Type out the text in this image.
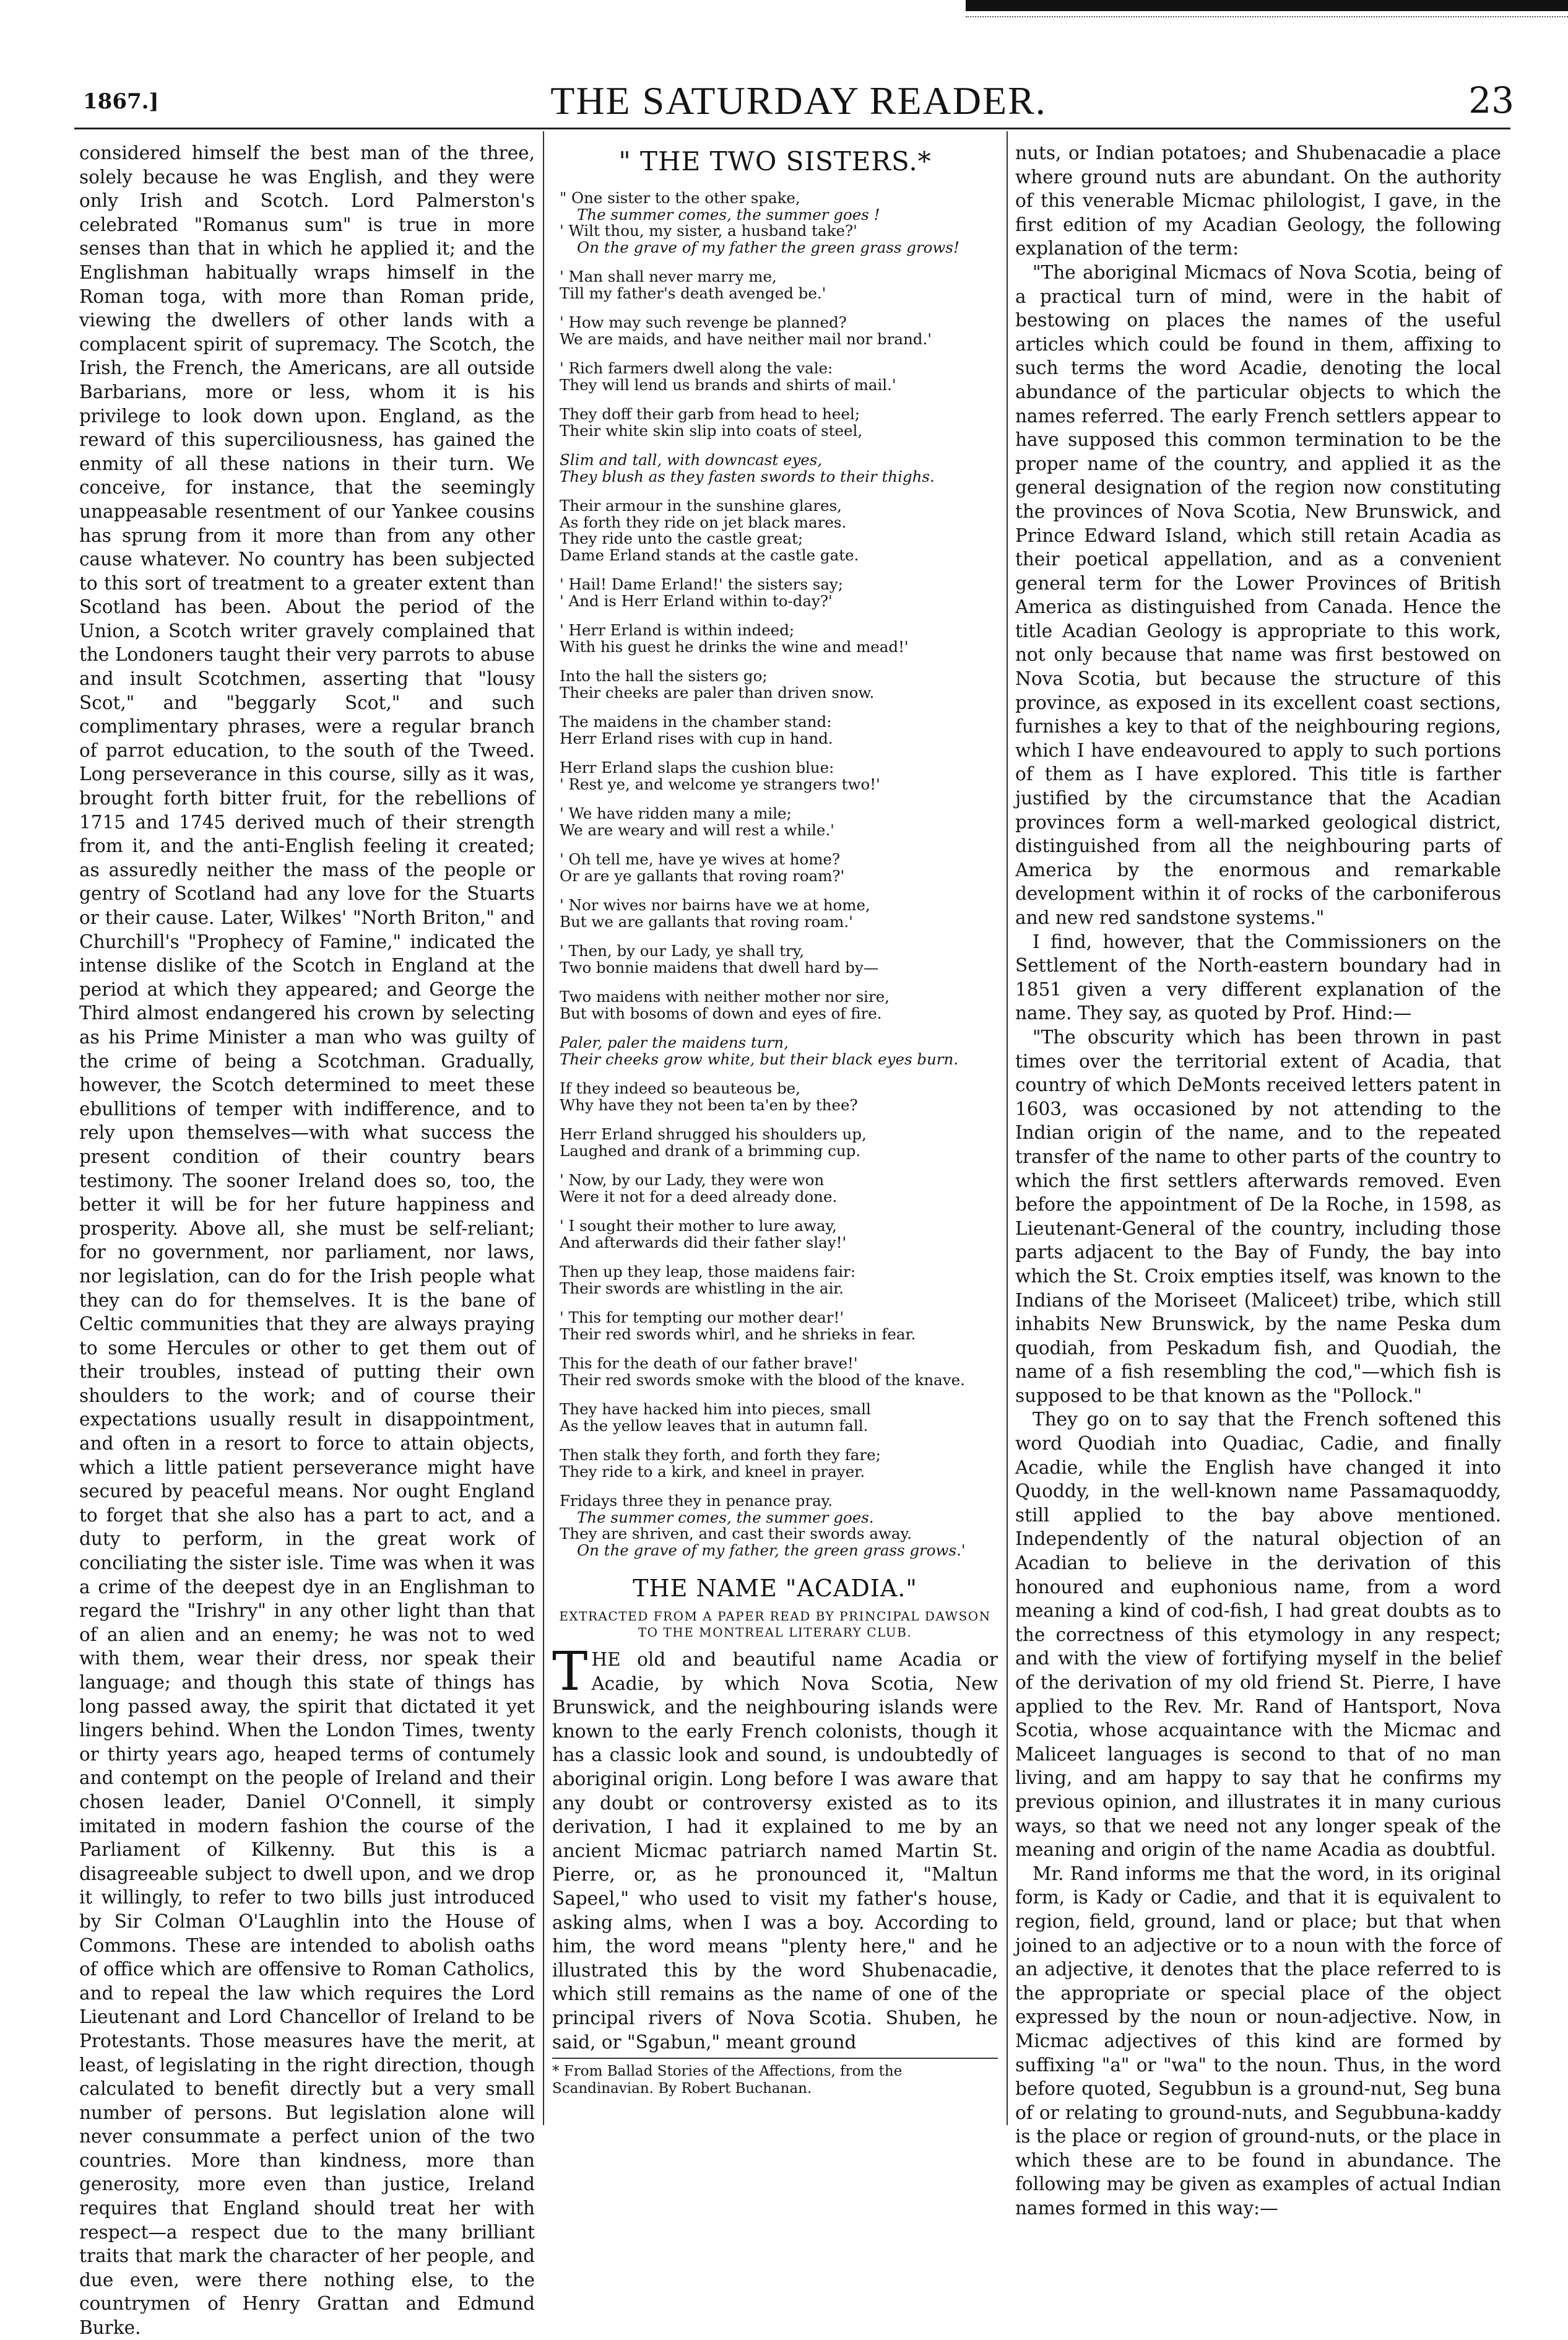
1867.]	THE SATURDAY READER.	23

considered himself the best man of the three, solely because he was English, and they were only Irish and Scotch. Lord Palmerston's celebrated "Romanus sum" is true in more senses than that in which he applied it; and the Englishman habitually wraps himself in the Roman toga, with more than Roman pride, viewing the dwellers of other lands with a complacent spirit of supremacy. The Scotch, the Irish, the French, the Americans, are all outside Barbarians, more or less, whom it is his privilege to look down upon. England, as the reward of this superciliousness, has gained the enmity of all these nations in their turn. We conceive, for instance, that the seemingly unappeasable resentment of our Yankee cousins has sprung from it more than from any other cause whatever. No country has been subjected to this sort of treatment to a greater extent than Scotland has been. About the period of the Union, a Scotch writer gravely complained that the Londoners taught their very parrots to abuse and insult Scotchmen, asserting that "lousy Scot," and "beggarly Scot," and such complimentary phrases, were a regular branch of parrot education, to the south of the Tweed. Long perseverance in this course, silly as it was, brought forth bitter fruit, for the rebellions of 1715 and 1745 derived much of their strength from it, and the anti-English feeling it created; as assuredly neither the mass of the people or gentry of Scotland had any love for the Stuarts or their cause. Later, Wilkes' "North Briton," and Churchill's "Prophecy of Famine," indicated the intense dislike of the Scotch in England at the period at which they appeared; and George the Third almost endangered his crown by selecting as his Prime Minister a man who was guilty of the crime of being a Scotchman. Gradually, however, the Scotch determined to meet these ebullitions of temper with indifference, and to rely upon themselves—with what success the present condition of their country bears testimony. The sooner Ireland does so, too, the better it will be for her future happiness and prosperity. Above all, she must be self-reliant; for no government, nor parliament, nor laws, nor legislation, can do for the Irish people what they can do for themselves. It is the bane of Celtic communities that they are always praying to some Hercules or other to get them out of their troubles, instead of putting their own shoulders to the work; and of course their expectations usually result in disappointment, and often in a resort to force to attain objects, which a little patient perseverance might have secured by peaceful means. Nor ought England to forget that she also has a part to act, and a duty to perform, in the great work of conciliating the sister isle. Time was when it was a crime of the deepest dye in an Englishman to regard the "Irishry" in any other light than that of an alien and an enemy; he was not to wed with them, wear their dress, nor speak their language; and though this state of things has long passed away, the spirit that dictated it yet lingers behind. When the London Times, twenty or thirty years ago, heaped terms of contumely and contempt on the people of Ireland and their chosen leader, Daniel O'Connell, it simply imitated in modern fashion the course of the Parliament of Kilkenny. But this is a disagreeable subject to dwell upon, and we drop it willingly, to refer to two bills just introduced by Sir Colman O'Laughlin into the House of Commons. These are intended to abolish oaths of office which are offensive to Roman Catholics, and to repeal the law which requires the Lord Lieutenant and Lord Chancellor of Ireland to be Protestants. Those measures have the merit, at least, of legislating in the right direction, though calculated to benefit directly but a very small number of persons. But legislation alone will never consummate a perfect union of the two countries. More than kindness, more than generosity, more even than justice, Ireland requires that England should treat her with respect—a respect due to the many brilliant traits that mark the character of her people, and due even, were there nothing else, to the countrymen of Henry Grattan and Edmund Burke.

" THE TWO SISTERS.*
" One sister to the other spake,
The summer comes, the summer goes !
' Wilt thou, my sister, a husband take?'
On the grave of my father the green grass grows!
' Man shall never marry me,
Till my father's death avenged be.'
' How may such revenge be planned?
We are maids, and have neither mail nor brand.'
' Rich farmers dwell along the vale:
They will lend us brands and shirts of mail.'
They doff their garb from head to heel;
Their white skin slip into coats of steel,
Slim and tall, with downcast eyes,
They blush as they fasten swords to their thighs.
Their armour in the sunshine glares,
As forth they ride on jet black mares.
They ride unto the castle great;
Dame Erland stands at the castle gate.
' Hail! Dame Erland!' the sisters say;
' And is Herr Erland within to-day?'
' Herr Erland is within indeed;
With his guest he drinks the wine and mead!'
Into the hall the sisters go;
Their cheeks are paler than driven snow.
The maidens in the chamber stand:
Herr Erland rises with cup in hand.
Herr Erland slaps the cushion blue:
' Rest ye, and welcome ye strangers two!'
' We have ridden many a mile;
We are weary and will rest a while.'
' Oh tell me, have ye wives at home?
Or are ye gallants that roving roam?'
' Nor wives nor bairns have we at home,
But we are gallants that roving roam.'
' Then, by our Lady, ye shall try,
Two bonnie maidens that dwell hard by—
Two maidens with neither mother nor sire,
But with bosoms of down and eyes of fire.
Paler, paler the maidens turn,
Their cheeks grow white, but their black eyes burn.
If they indeed so beauteous be,
Why have they not been ta'en by thee?
Herr Erland shrugged his shoulders up,
Laughed and drank of a brimming cup.
' Now, by our Lady, they were won
Were it not for a deed already done.
' I sought their mother to lure away,
And afterwards did their father slay!'
Then up they leap, those maidens fair:
Their swords are whistling in the air.
' This for tempting our mother dear!'
Their red swords whirl, and he shrieks in fear.
This for the death of our father brave!'
Their red swords smoke with the blood of the knave.
They have hacked him into pieces, small
As the yellow leaves that in autumn fall.
Then stalk they forth, and forth they fare;
They ride to a kirk, and kneel in prayer.
Fridays three they in penance pray.
The summer comes, the summer goes.
They are shriven, and cast their swords away.
On the grave of my father, the green grass grows.'
THE NAME "ACADIA."
EXTRACTED FROM A PAPER READ BY PRINCIPAL DAWSON TO THE MONTREAL LITERARY CLUB.

THE old and beautiful name Acadia or Acadie, by which Nova Scotia, New Brunswick, and the neighbouring islands were known to the early French colonists, though it has a classic look and sound, is undoubtedly of aboriginal origin. Long before I was aware that any doubt or controversy existed as to its derivation, I had it explained to me by an ancient Micmac patriarch named Martin St. Pierre, or, as he pronounced it, "Maltun Sapeel," who used to visit my father's house, asking alms, when I was a boy. According to him, the word means "plenty here," and he illustrated this by the word Shubenacadie, which still remains as the name of one of the principal rivers of Nova Scotia. Shuben, he said, or "Sgabun," meant ground

* From Ballad Stories of the Affections, from the Scandinavian. By Robert Buchanan.

nuts, or Indian potatoes; and Shubenacadie a place where ground nuts are abundant. On the authority of this venerable Micmac philologist, I gave, in the first edition of my Acadian Geology, the following explanation of the term:

"The aboriginal Micmacs of Nova Scotia, being of a practical turn of mind, were in the habit of bestowing on places the names of the useful articles which could be found in them, affixing to such terms the word Acadie, denoting the local abundance of the particular objects to which the names referred. The early French settlers appear to have supposed this common termination to be the proper name of the country, and applied it as the general designation of the region now constituting the provinces of Nova Scotia, New Brunswick, and Prince Edward Island, which still retain Acadia as their poetical appellation, and as a convenient general term for the Lower Provinces of British America as distinguished from Canada. Hence the title Acadian Geology is appropriate to this work, not only because that name was first bestowed on Nova Scotia, but because the structure of this province, as exposed in its excellent coast sections, furnishes a key to that of the neighbouring regions, which I have endeavoured to apply to such portions of them as I have explored. This title is farther justified by the circumstance that the Acadian provinces form a well-marked geological district, distinguished from all the neighbouring parts of America by the enormous and remarkable development within it of rocks of the carboniferous and new red sandstone systems."

I find, however, that the Commissioners on the Settlement of the North-eastern boundary had in 1851 given a very different explanation of the name. They say, as quoted by Prof. Hind:—

"The obscurity which has been thrown in past times over the territorial extent of Acadia, that country of which DeMonts received letters patent in 1603, was occasioned by not attending to the Indian origin of the name, and to the repeated transfer of the name to other parts of the country to which the first settlers afterwards removed. Even before the appointment of De la Roche, in 1598, as Lieutenant-General of the country, including those parts adjacent to the Bay of Fundy, the bay into which the St. Croix empties itself, was known to the Indians of the Moriseet (Maliceet) tribe, which still inhabits New Brunswick, by the name Peska dum quodiah, from Peskadum fish, and Quodiah, the name of a fish resembling the cod,"—which fish is supposed to be that known as the "Pollock."

They go on to say that the French softened this word Quodiah into Quadiac, Cadie, and finally Acadie, while the English have changed it into Quoddy, in the well-known name Passamaquoddy, still applied to the bay above mentioned. Independently of the natural objection of an Acadian to believe in the derivation of this honoured and euphonious name, from a word meaning a kind of cod-fish, I had great doubts as to the correctness of this etymology in any respect; and with the view of fortifying myself in the belief of the derivation of my old friend St. Pierre, I have applied to the Rev. Mr. Rand of Hantsport, Nova Scotia, whose acquaintance with the Micmac and Maliceet languages is second to that of no man living, and am happy to say that he confirms my previous opinion, and illustrates it in many curious ways, so that we need not any longer speak of the meaning and origin of the name Acadia as doubtful.

Mr. Rand informs me that the word, in its original form, is Kady or Cadie, and that it is equivalent to region, field, ground, land or place; but that when joined to an adjective or to a noun with the force of an adjective, it denotes that the place referred to is the appropriate or special place of the object expressed by the noun or noun-adjective. Now, in Micmac adjectives of this kind are formed by suffixing "a" or "wa" to the noun. Thus, in the word before quoted, Segubbun is a ground-nut, Seg buna of or relating to ground-nuts, and Segubbuna-kaddy is the place or region of ground-nuts, or the place in which these are to be found in abundance. The following may be given as examples of actual Indian names formed in this way:—
